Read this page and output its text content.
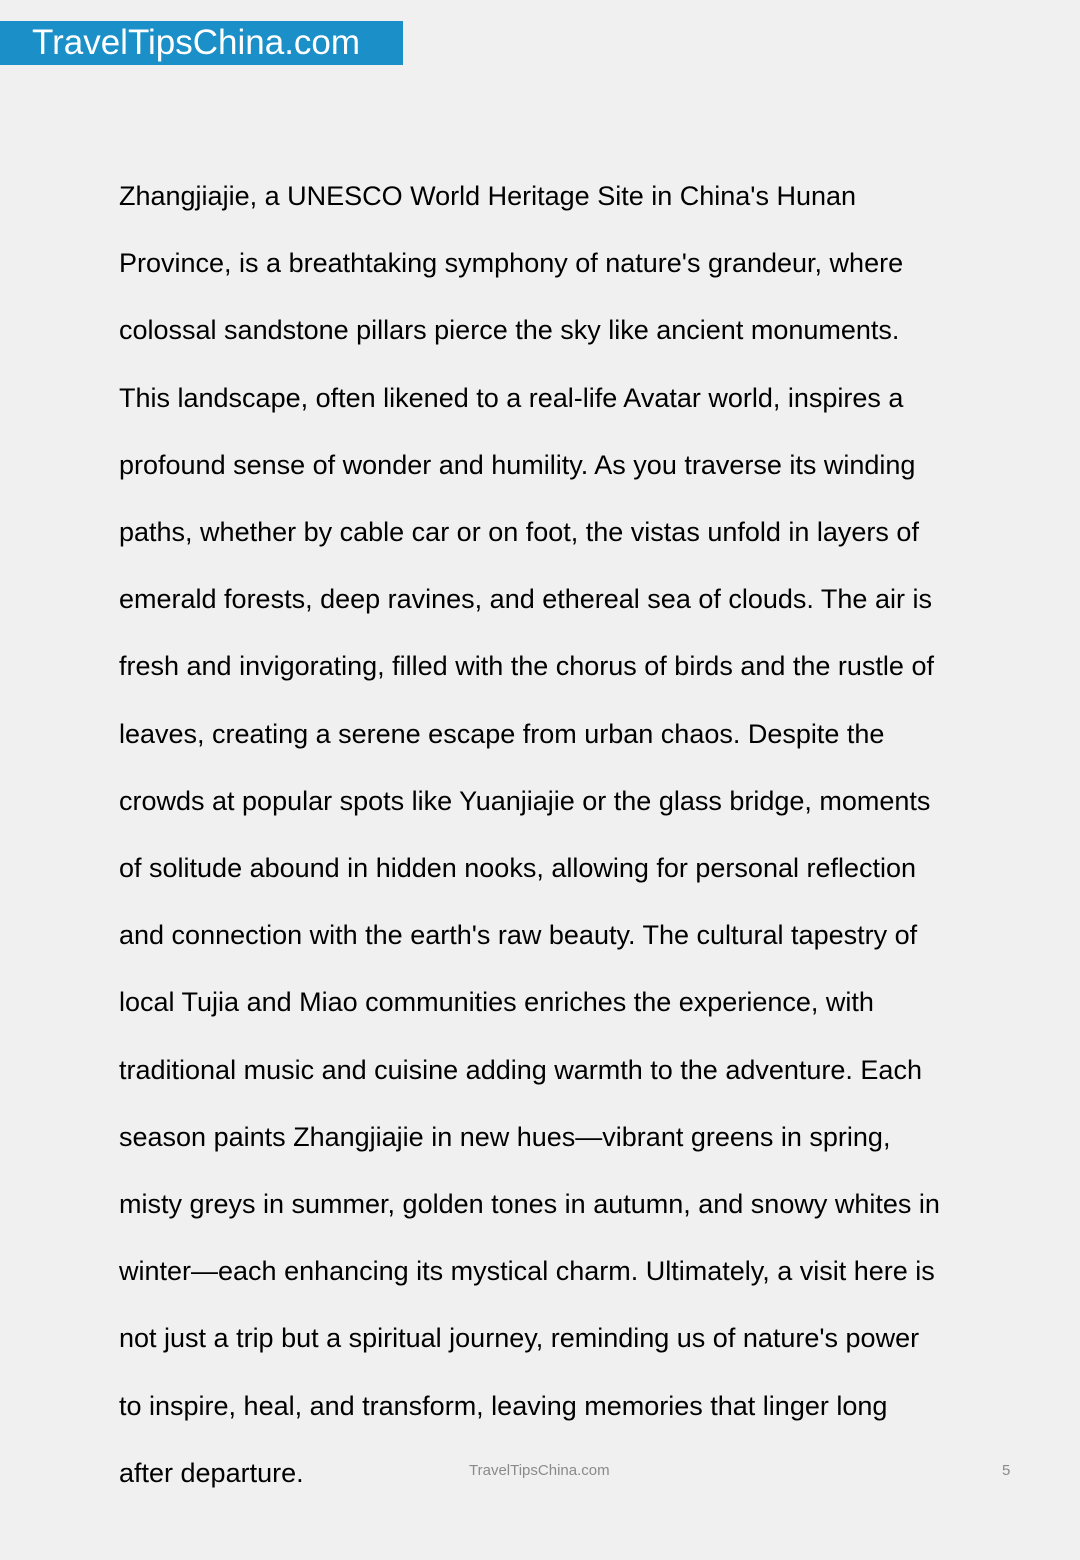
TravelTipsChina.com

Zhangjiajie, a UNESCO World Heritage Site in China's Hunan
Province, is a breathtaking symphony of nature's grandeur, where
colossal sandstone pillars pierce the sky like ancient monuments.
This landscape, often likened to a real-life Avatar world, inspires a
profound sense of wonder and humility. As you traverse its winding
paths, whether by cable car or on foot, the vistas unfold in layers of
emerald forests, deep ravines, and ethereal sea of clouds. The air is
fresh and invigorating, filled with the chorus of birds and the rustle of
leaves, creating a serene escape from urban chaos. Despite the
crowds at popular spots like Yuanjiajie or the glass bridge, moments
of solitude abound in hidden nooks, allowing for personal reflection
and connection with the earth's raw beauty. The cultural tapestry of
local Tujia and Miao communities enriches the experience, with
traditional music and cuisine adding warmth to the adventure. Each
season paints Zhangjiajie in new hues—vibrant greens in spring,
misty greys in summer, golden tones in autumn, and snowy whites in
winter—each enhancing its mystical charm. Ultimately, a visit here is
not just a trip but a spiritual journey, reminding us of nature's power
to inspire, heal, and transform, leaving memories that linger long
after departure.	TravelTipsChina.com	5
